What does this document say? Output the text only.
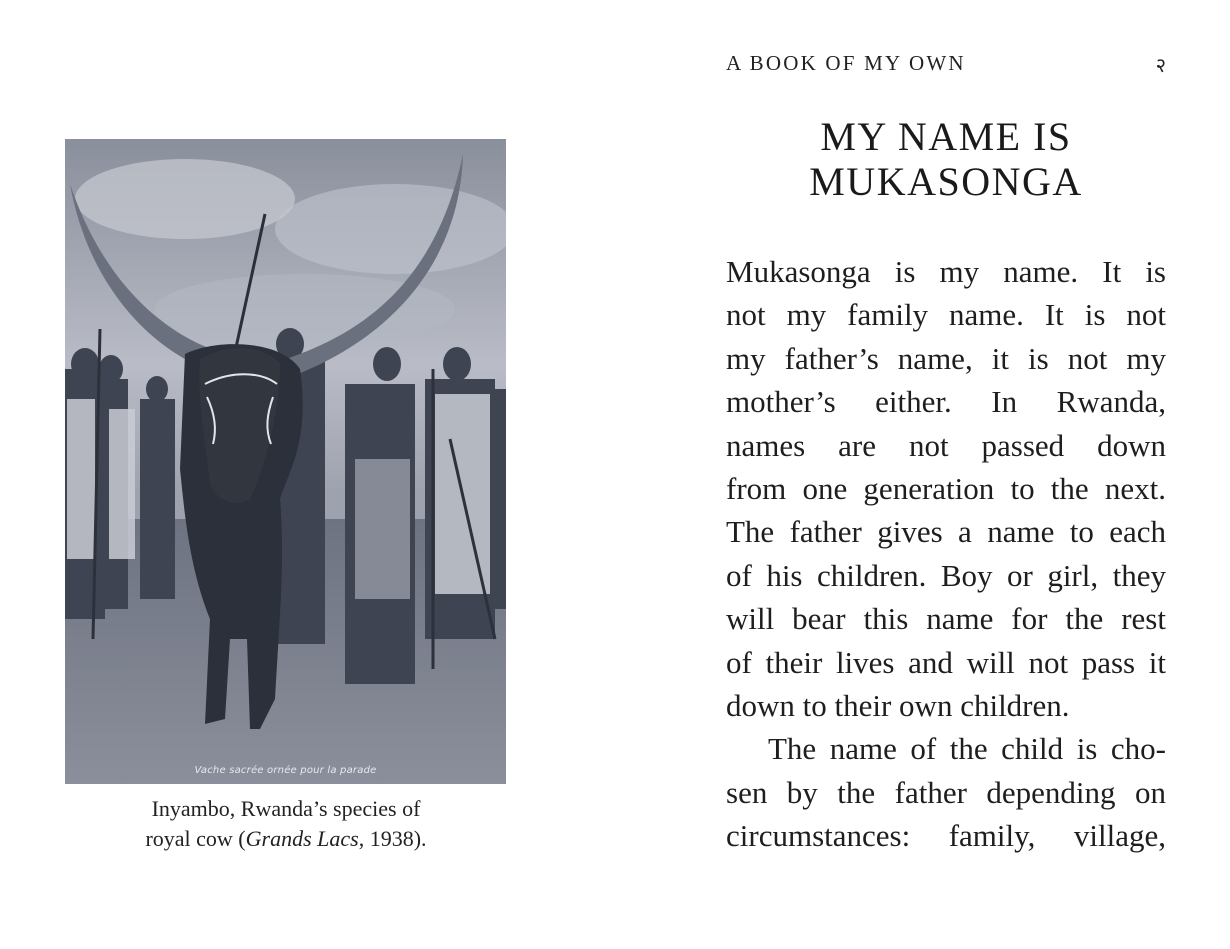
Vache sacrée ornée pour la parade
Inyambo, Rwanda’s species of
royal cow (Grands Lacs, 1938).
A BOOK OF MY OWN	२
MY NAME IS
MUKASONGA
Mukasonga is my name. It is
not my family name. It is not
my father’s name, it is not my
mother’s either. In Rwanda,
names are not passed down
from one generation to the next.
The father gives a name to each
of his children. Boy or girl, they
will bear this name for the rest
of their lives and will not pass it
down to their own children.
The name of the child is cho-
sen by the father depending on
circumstances: family, village,
